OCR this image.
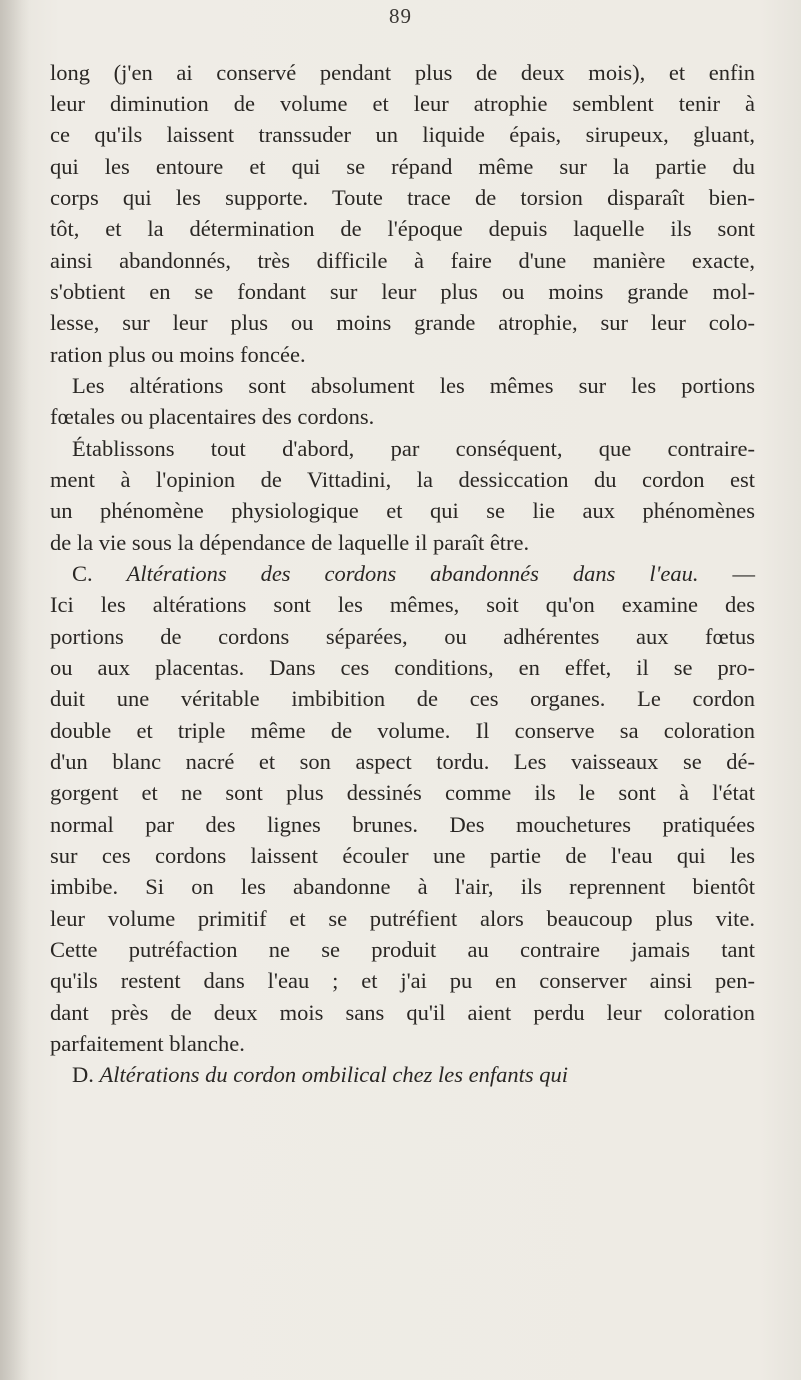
89
long (j'en ai conservé pendant plus de deux mois), et enfin
leur diminution de volume et leur atrophie semblent tenir à
ce qu'ils laissent transsuder un liquide épais, sirupeux, gluant,
qui les entoure et qui se répand même sur la partie du
corps qui les supporte. Toute trace de torsion disparaît bien-
tôt, et la détermination de l'époque depuis laquelle ils sont
ainsi abandonnés, très difficile à faire d'une manière exacte,
s'obtient en se fondant sur leur plus ou moins grande mol-
lesse, sur leur plus ou moins grande atrophie, sur leur colo-
ration plus ou moins foncée.
Les altérations sont absolument les mêmes sur les portions
fœtales ou placentaires des cordons.
Établissons tout d'abord, par conséquent, que contraire-
ment à l'opinion de Vittadini, la dessiccation du cordon est
un phénomène physiologique et qui se lie aux phénomènes
de la vie sous la dépendance de laquelle il paraît être.
C. Altérations des cordons abandonnés dans l'eau. —
Ici les altérations sont les mêmes, soit qu'on examine des
portions de cordons séparées, ou adhérentes aux fœtus
ou aux placentas. Dans ces conditions, en effet, il se pro-
duit une véritable imbibition de ces organes. Le cordon
double et triple même de volume. Il conserve sa coloration
d'un blanc nacré et son aspect tordu. Les vaisseaux se dé-
gorgent et ne sont plus dessinés comme ils le sont à l'état
normal par des lignes brunes. Des mouchetures pratiquées
sur ces cordons laissent écouler une partie de l'eau qui les
imbibe. Si on les abandonne à l'air, ils reprennent bientôt
leur volume primitif et se putréfient alors beaucoup plus vite.
Cette putréfaction ne se produit au contraire jamais tant
qu'ils restent dans l'eau ; et j'ai pu en conserver ainsi pen-
dant près de deux mois sans qu'il aient perdu leur coloration
parfaitement blanche.
D. Altérations du cordon ombilical chez les enfants qui
